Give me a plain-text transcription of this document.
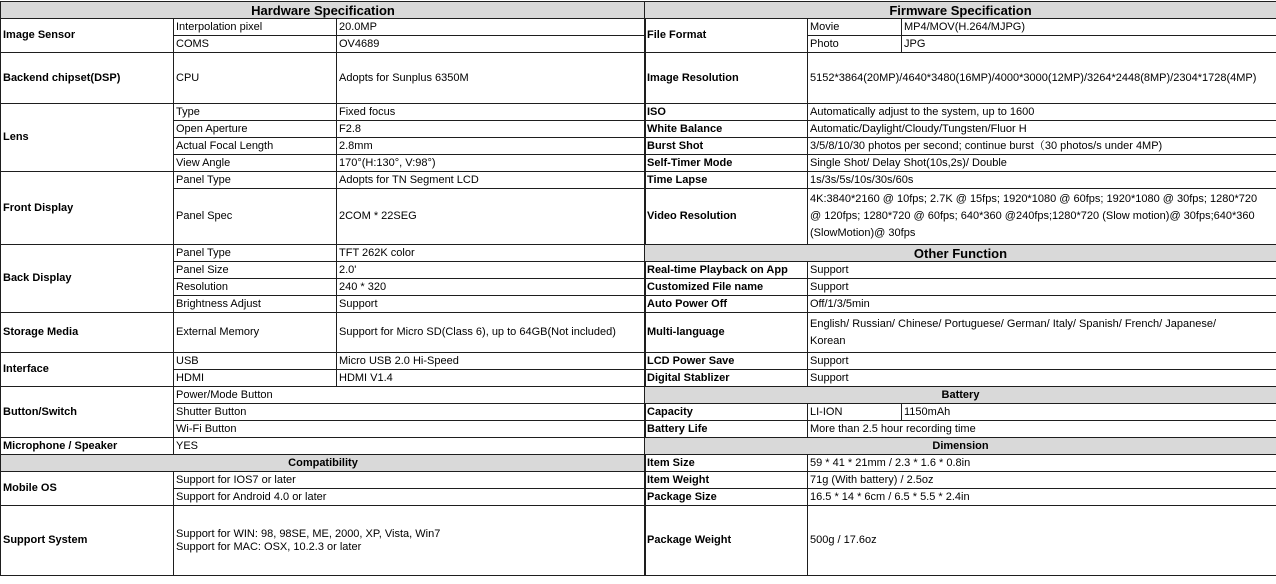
Hardware Specification		
Image Sensor	Interpolation pixel	20.0MP
	COMS	OV4689
Backend chipset(DSP)	CPU	Adopts for Sunplus 6350M
Lens	Type	Fixed focus
	Open Aperture	F2.8
	Actual Focal Length	2.8mm
	View Angle	170°(H:130°, V:98°)
Front Display	Panel Type	Adopts for TN Segment LCD
	Panel Spec	2COM * 22SEG
Back Display	Panel Type	TFT 262K color
	Panel Size	2.0'
	Resolution	240 * 320
	Brightness Adjust	Support
Storage Media	External Memory	Support for Micro SD(Class 6), up to 64GB(Not included)
Interface	USB	Micro USB 2.0 Hi-Speed
	HDMI	HDMI V1.4
Button/Switch	Power/Mode Button	
	Shutter Button	
	Wi-Fi Button	
Microphone / Speaker	YES	
Compatibility		
Mobile OS	Support for IOS7 or later	
	Support for Android 4.0 or later	
Support System	Support for WIN: 98, 98SE, ME, 2000, XP, Vista, Win7
Support for MAC: OSX, 10.2.3 or later	
Firmware Specification		
File Format	Movie	MP4/MOV(H.264/MJPG)
	Photo	JPG
Image Resolution	5152*3864(20MP)/4640*3480(16MP)/4000*3000(12MP)/3264*2448(8MP)/2304*1728(4MP)	
ISO	Automatically adjust to the system, up to 1600	
White Balance	Automatic/Daylight/Cloudy/Tungsten/Fluor H	
Burst Shot	3/5/8/10/30 photos per second; continue burst（30 photos/s under 4MP)	
Self-Timer Mode	Single Shot/ Delay Shot(10s,2s)/ Double	
Time Lapse	1s/3s/5s/10s/30s/60s	
Video Resolution	4K:3840*2160 @ 10fps; 2.7K @ 15fps; 1920*1080 @ 60fps; 1920*1080 @ 30fps; 1280*720
@ 120fps; 1280*720 @ 60fps; 640*360 @240fps;1280*720 (Slow motion)@ 30fps;640*360
(SlowMotion)@ 30fps	

Other Function		
Real-time Playback on App	Support	
Customized File name	Support	
Auto Power Off	Off/1/3/5min	
Multi-language	English/ Russian/ Chinese/ Portuguese/ German/ Italy/ Spanish/ French/ Japanese/
Korean	

LCD Power Save	Support	
Digital Stablizer	Support	
Battery		
Capacity	LI-ION	1150mAh
Battery Life	More than 2.5 hour recording time	
Dimension		
Item Size	59 * 41 * 21mm / 2.3 * 1.6 * 0.8in	
Item Weight	71g (With battery) / 2.5oz	
Package Size	16.5 * 14 * 6cm / 6.5 * 5.5 * 2.4in	
Package Weight	500g / 17.6oz	
